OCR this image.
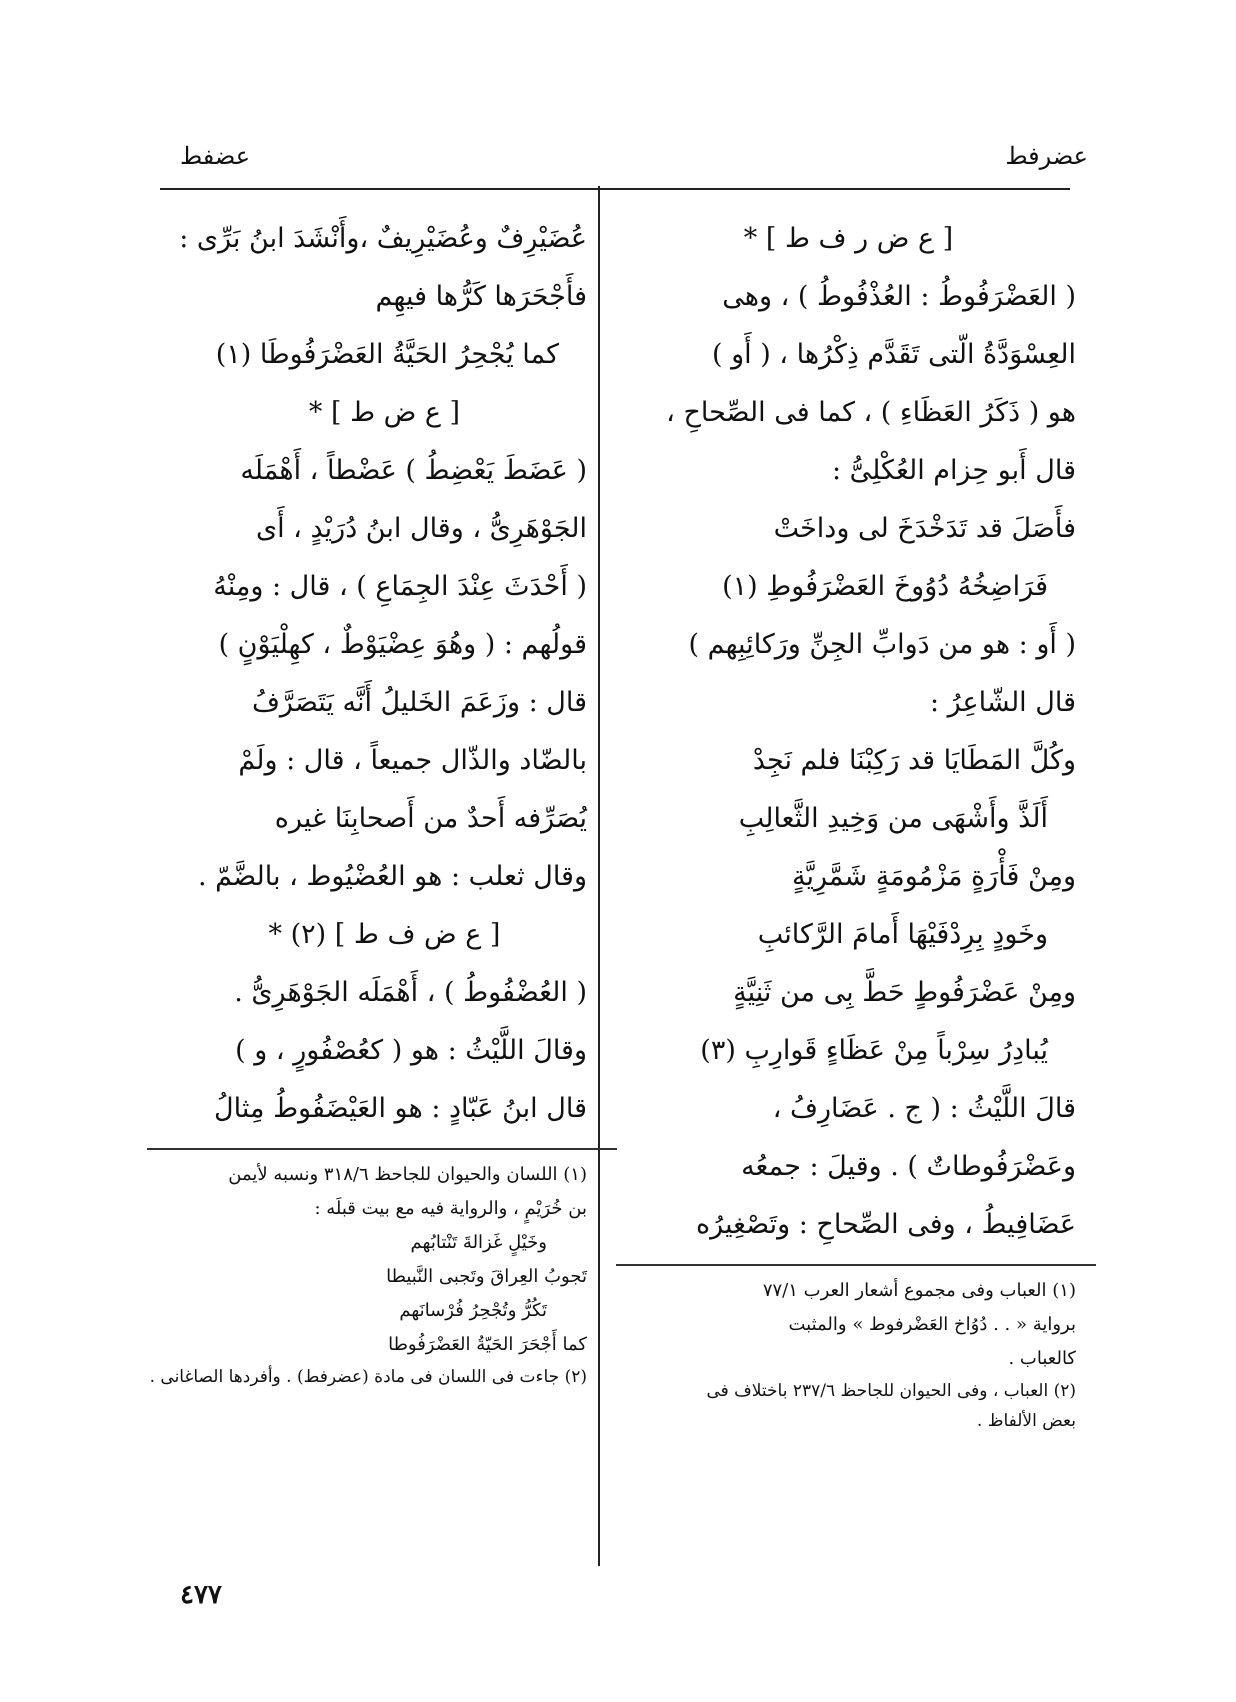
عضرفط
عضفط
[ ع ض ر ف ط ] *
( العَضْرَفُوطُ : العُذْفُوطُ ) ، وهى
العِسْوَدَّةُ الّتى تَقَدَّم ذِكْرُها ، ( أَو )
هو ( ذَكَرُ العَظَاءِ ) ، كما فى الصِّحاحِ ،
قال أَبو حِزام العُكْلِىُّ :
فأَصَلَ قد تَدَخْدَخَ لى وداخَتْ
فَرَاضِخُهُ دُوُوخَ العَضْرَفُوطِ (١)
( أَو : هو من دَوابِّ الجِنِّ ورَكائِبِهم )
قال الشّاعِرُ :
وكُلَّ المَطَايَا قد رَكِبْنَا فلم نَجِدْ
أَلَذَّ وأَشْهَى من وَخِيدِ الثَّعالِبِ
ومِنْ فَأْرَةٍ مَزْمُومَةٍ شَمَّرِيَّةٍ
وخَودٍ بِرِدْفَيْهَا أَمامَ الرَّكائبِ
ومِنْ عَضْرَفُوطٍ حَطَّ بِى من ثَنِيَّةٍ
يُبادِرُ سِرْباً مِنْ عَظَاءٍ قَوارِبِ (٣)
قالَ اللَّيْثُ : ( ج . عَضَارِفُ ،
وعَضْرَفُوطاتٌ ) . وقيلَ : جمعُه
عَضَافِيطُ ، وفى الصِّحاحِ : وتَصْغِيرُه
(١) العباب وفى مجموع أشعار العرب ٧٧/١
برواية « . . دُوُاخ العَضْرفوط » والمثبت
كالعباب .
(٢) العباب ، وفى الحيوان للجاحظ ٢٣٧/٦ باختلاف فى
بعض الألفاظ .
عُضَيْرِفٌ وعُضَيْرِيفٌ ،وأَنْشَدَ ابنُ بَرِّى :
فأَجْحَرَها كَرُّها فيهِم
كما يُجْحِرُ الحَيَّةُ العَضْرَفُوطَا (١)
[ ع ض ط ] *
( عَضَطَ يَعْضِطُ ) عَضْطاً ، أَهْمَلَه
الجَوْهَرِىُّ ، وقال ابنُ دُرَيْدٍ ، أَى
( أَحْدَثَ عِنْدَ الجِمَاعِ ) ، قال : ومِنْهُ
قولُهم : ( وهُوَ عِضْيَوْطٌ ، كهِلْيَوْنٍ )
قال : وزَعَمَ الخَليلُ أَنَّه يَتَصَرَّفُ
بالضّاد والذّال جميعاً ، قال : ولَمْ
يُصَرِّفه أَحدٌ من أَصحابِنَا غيره
وقال ثعلب : هو العُضْيُوط ، بالضَّمّ .
[ ع ض ف ط ] (٢) *
( العُضْفُوطُ ) ، أَهْمَلَه الجَوْهَرِىُّ .
وقالَ اللَّيْثُ : هو ( كعُصْفُورٍ ، و )
قال ابنُ عَبّادٍ : هو العَيْضَفُوطُ مِثالُ
(١) اللسان والحيوان للجاحظ ٣١٨/٦ ونسبه لأيمن
بن خُرَيْمٍ ، والرواية فيه مع بيت قبلَه :
وخَيْلٍ غَزالةَ تَنْتابُهم
تَجوبُ العِراقَ وتَجبى النَّبيطا
تَكُرُّ وتُجْحِرُ فُرْسانَهم
كما أَجْحَرَ الحَيّةُ العَضْرَفُوطا
(٢) جاءت فى اللسان فى مادة (عضرفط) . وأفردها الصاغانى .
٤٧٧
